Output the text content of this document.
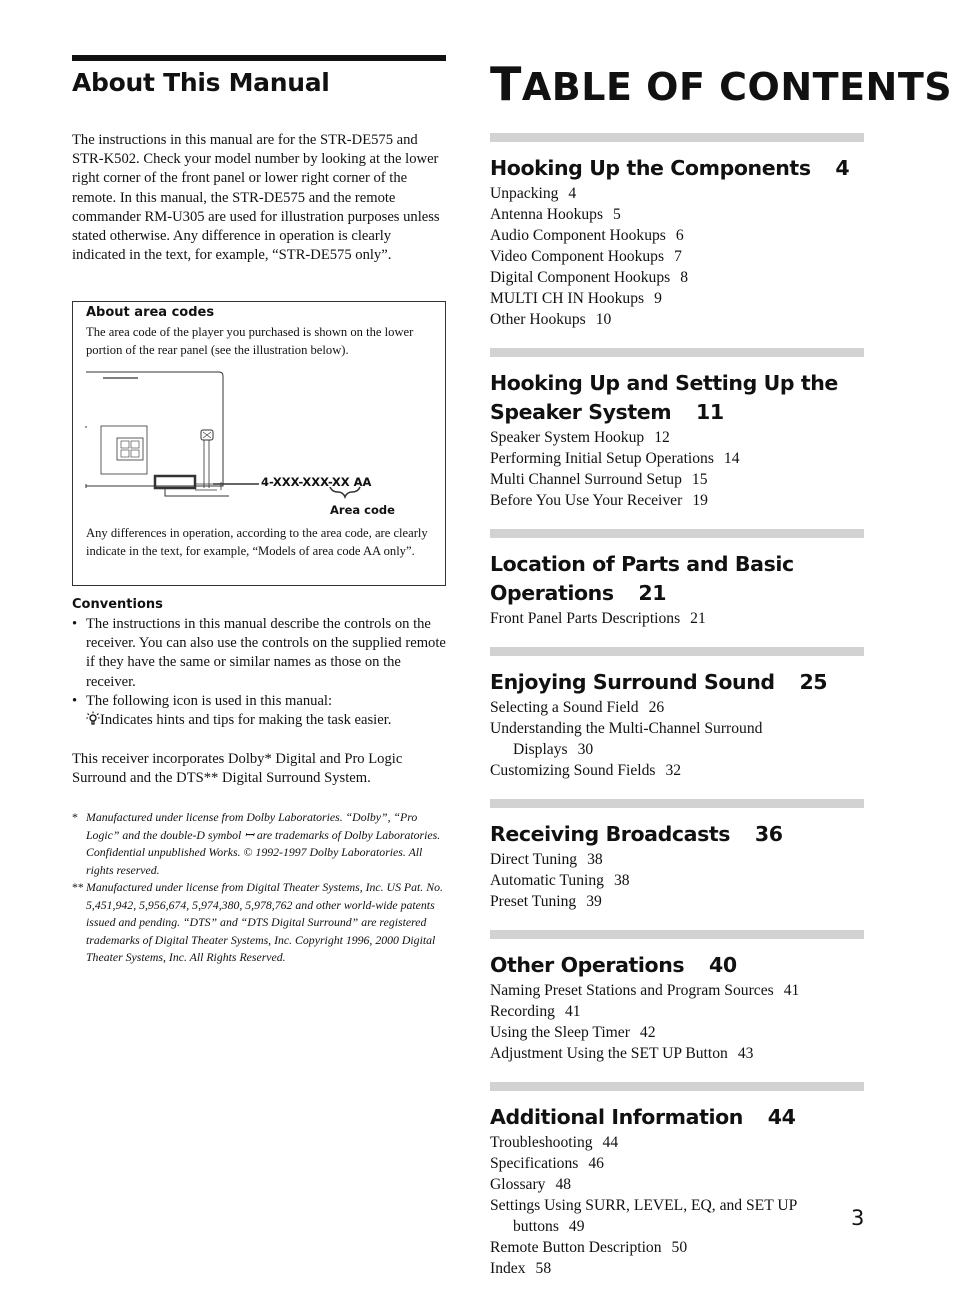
About This Manual

The instructions in this manual are for the STR-DE575 and STR-K502. Check your model number by looking at the lower right corner of the front panel or lower right corner of the remote. In this manual, the STR-DE575 and the remote commander RM-U305 are used for illustration purposes unless stated otherwise. Any difference in operation is clearly indicated in the text, for example, “STR-DE575 only”.

About area codes
The area code of the player you purchased is shown on the lower portion of the rear panel (see the illustration below).
4-XXX-XXX-XX AA
Area code
Any differences in operation, according to the area code, are clearly indicate in the text, for example, “Models of area code AA only”.
Conventions
• The instructions in this manual describe the controls on the receiver. You can also use the controls on the supplied remote if they have the same or similar names as those on the receiver.
• The following icon is used in this manual:
Indicates hints and tips for making the task easier.

This receiver incorporates Dolby* Digital and Pro Logic Surround and the DTS** Digital Surround System.

* Manufactured under license from Dolby Laboratories. “Dolby”, “Pro Logic” and the double-D symbol ꟷ are trademarks of Dolby Laboratories. Confidential unpublished Works. © 1992-1997 Dolby Laboratories. All rights reserved.
** Manufactured under license from Digital Theater Systems, Inc. US Pat. No. 5,451,942, 5,956,674, 5,974,380, 5,978,762 and other world-wide patents issued and pending. “DTS” and “DTS Digital Surround” are registered trademarks of Digital Theater Systems, Inc. Copyright 1996, 2000 Digital Theater Systems, Inc. All Rights Reserved.
TABLE OF CONTENTS
Hooking Up the Components 4
Unpacking 4
Antenna Hookups 5
Audio Component Hookups 6
Video Component Hookups 7
Digital Component Hookups 8
MULTI CH IN Hookups 9
Other Hookups 10
Hooking Up and Setting Up the Speaker System 11
Speaker System Hookup 12
Performing Initial Setup Operations 14
Multi Channel Surround Setup 15
Before You Use Your Receiver 19
Location of Parts and Basic Operations 21
Front Panel Parts Descriptions 21
Enjoying Surround Sound 25
Selecting a Sound Field 26
Understanding the Multi-Channel Surround
Displays 30
Customizing Sound Fields 32
Receiving Broadcasts 36
Direct Tuning 38
Automatic Tuning 38
Preset Tuning 39
Other Operations 40
Naming Preset Stations and Program Sources 41
Recording 41
Using the Sleep Timer 42
Adjustment Using the SET UP Button 43
Additional Information 44
Troubleshooting 44
Specifications 46
Glossary 48
Settings Using SURR, LEVEL, EQ, and SET UP
buttons 49
Remote Button Description 50
Index 58
3
